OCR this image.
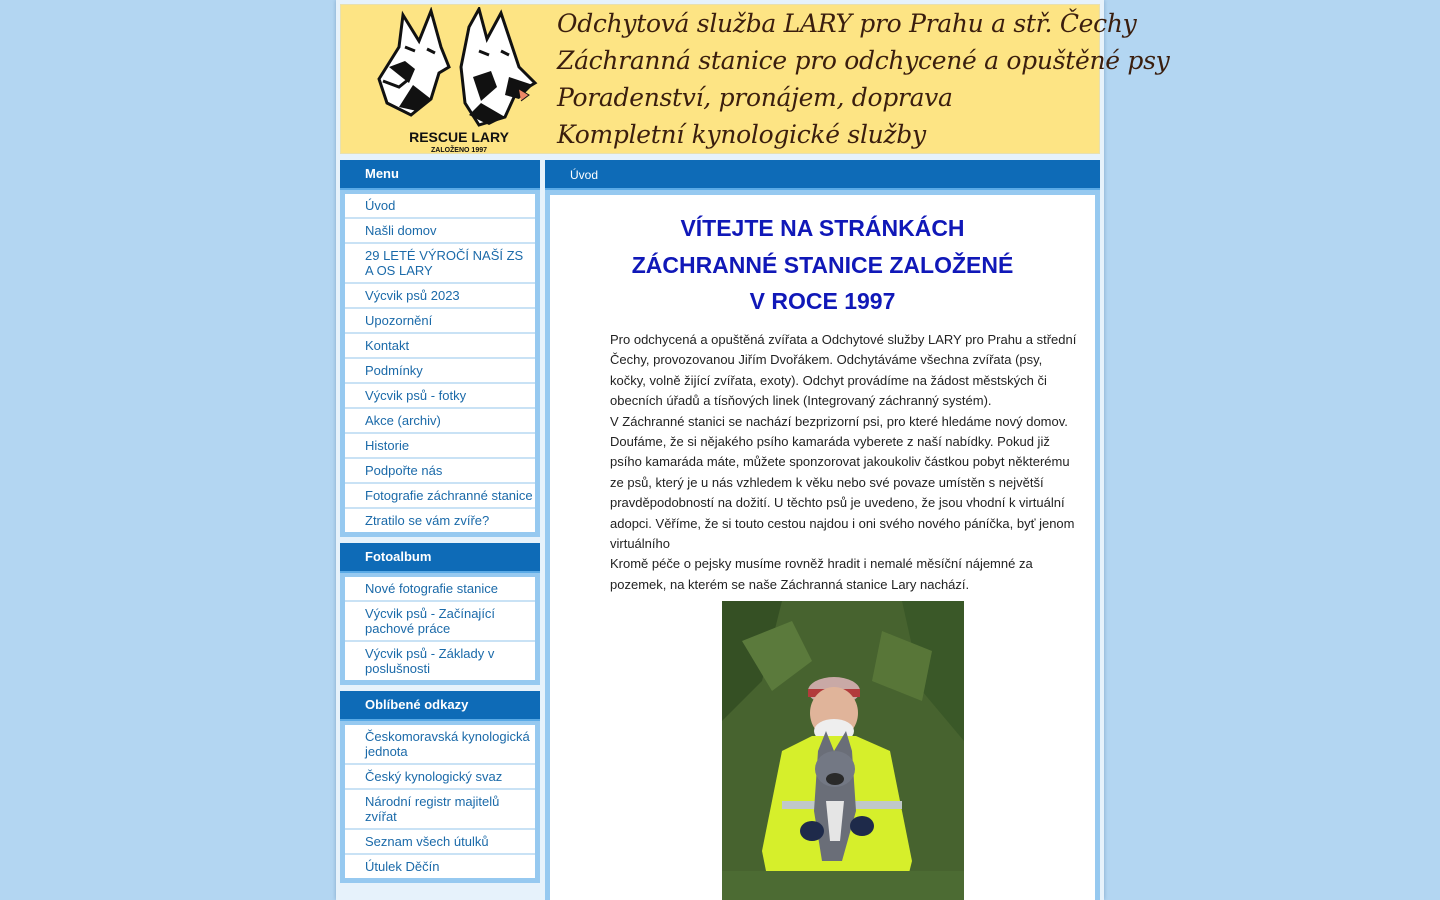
RESCUE LARY
ZALOŽENO 1997
Odchytová služba LARY pro Prahu a stř. Čechy
Záchranná stanice pro odchycené a opuštěné psy
Poradenství, pronájem, doprava
Kompletní kynologické služby
Menu
Úvod
Našli domov
29 LETÉ VÝROČÍ NAŠÍ ZS A OS LARY
Výcvik psů 2023
Upozornění
Kontakt
Podmínky
Výcvik psů - fotky
Akce (archiv)
Historie
Podpořte nás
Fotografie záchranné stanice
Ztratilo se vám zvíře?
Fotoalbum
Nové fotografie stanice
Výcvik psů - Začínající pachové práce
Výcvik psů - Základy v poslušnosti
Oblíbené odkazy
Českomoravská kynologická jednota
Český kynologický svaz
Národní registr majitelů zvířat
Seznam všech útulků
Útulek Děčín
Úvod
VÍTEJTE NA STRÁNKÁCH
ZÁCHRANNÉ STANICE ZALOŽENÉ
V ROCE 1997

Pro odchycená a opuštěná zvířata a Odchytové služby LARY pro Prahu a střední Čechy, provozovanou Jiřím Dvořákem. Odchytáváme všechna zvířata (psy, kočky, volně žijící zvířata, exoty). Odchyt provádíme na žádost městských či obecních úřadů a tísňových linek (Integrovaný záchranný systém).

V Záchranné stanici se nachází bezprizorní psi, pro které hledáme nový domov. Doufáme, že si nějakého psího kamaráda vyberete z naší nabídky. Pokud již psího kamaráda máte, můžete sponzorovat jakoukoliv částkou pobyt některému ze psů, který je u nás vzhledem k věku nebo své povaze umístěn s největší pravděpodobností na dožití. U těchto psů je uvedeno, že jsou vhodní k virtuální adopci. Věříme, že si touto cestou najdou i oni svého nového páníčka, byť jenom virtuálního

Kromě péče o pejsky musíme rovněž hradit i nemalé měsíční nájemné za pozemek, na kterém se naše Záchranná stanice Lary nachází.
